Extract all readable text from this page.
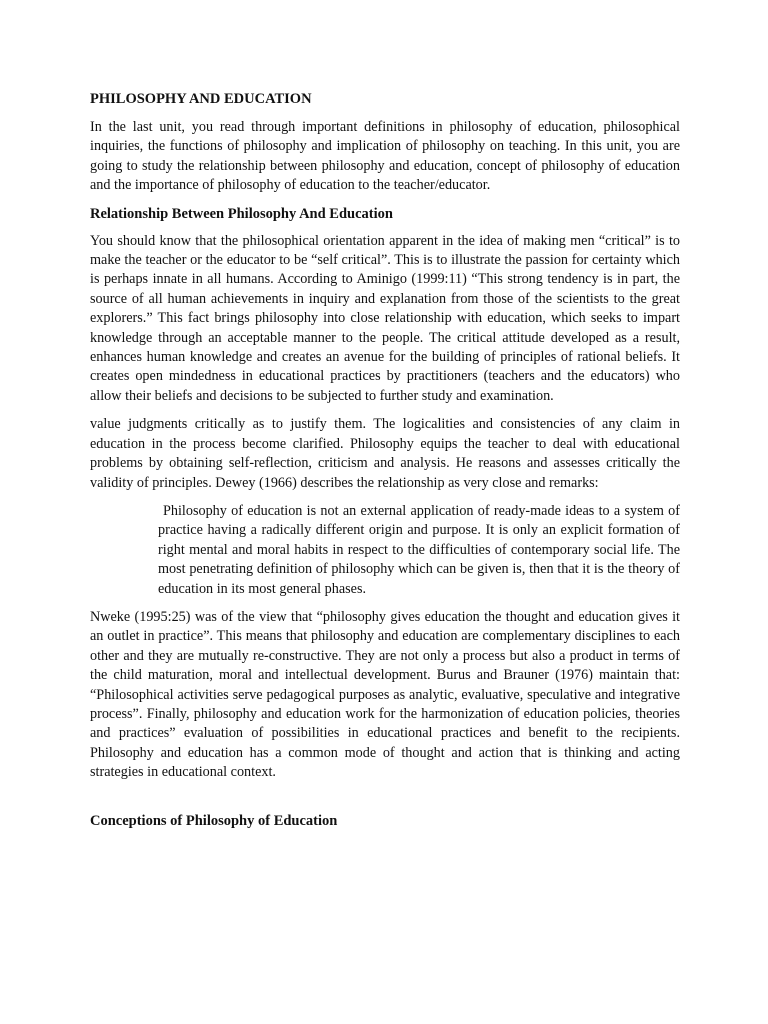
PHILOSOPHY AND EDUCATION

In the last unit, you read through important definitions in philosophy of education, philosophical inquiries, the functions of philosophy and implication of philosophy on teaching. In this unit, you are going to study the relationship between philosophy and education, concept of philosophy of education and the importance of philosophy of education to the teacher/educator.

Relationship Between Philosophy And Education

You should know that the philosophical orientation apparent in the idea of making men “critical” is to make the teacher or the educator to be “self critical”. This is to illustrate the passion for certainty which is perhaps innate in all humans. According to Aminigo (1999:11) “This strong tendency is in part, the source of all human achievements in inquiry and explanation from those of the scientists to the great explorers.” This fact brings philosophy into close relationship with education, which seeks to impart knowledge through an acceptable manner to the people. The critical attitude developed as a result, enhances human knowledge and creates an avenue for the building of principles of rational beliefs. It creates open mindedness in educational practices by practitioners (teachers and the educators) who allow their beliefs and decisions to be subjected to further study and examination.

value judgments critically as to justify them. The logicalities and consistencies of any claim in education in the process become clarified. Philosophy equips the teacher to deal with educational problems by obtaining self-reflection, criticism and analysis. He reasons and assesses critically the validity of principles. Dewey (1966) describes the relationship as very close and remarks:

Philosophy of education is not an external application of ready-made ideas to a system of practice having a radically different origin and purpose. It is only an explicit formation of right mental and moral habits in respect to the difficulties of contemporary social life. The most penetrating definition of philosophy which can be given is, then that it is the theory of education in its most general phases.

Nweke (1995:25) was of the view that “philosophy gives education the thought and education gives it an outlet in practice”. This means that philosophy and education are complementary disciplines to each other and they are mutually re-constructive. They are not only a process but also a product in terms of the child maturation, moral and intellectual development. Burus and Brauner (1976) maintain that: “Philosophical activities serve pedagogical purposes as analytic, evaluative, speculative and integrative process”. Finally, philosophy and education work for the harmonization of education policies, theories and practices” evaluation of possibilities in educational practices and benefit to the recipients. Philosophy and education has a common mode of thought and action that is thinking and acting strategies in educational context.

Conceptions of Philosophy of Education
